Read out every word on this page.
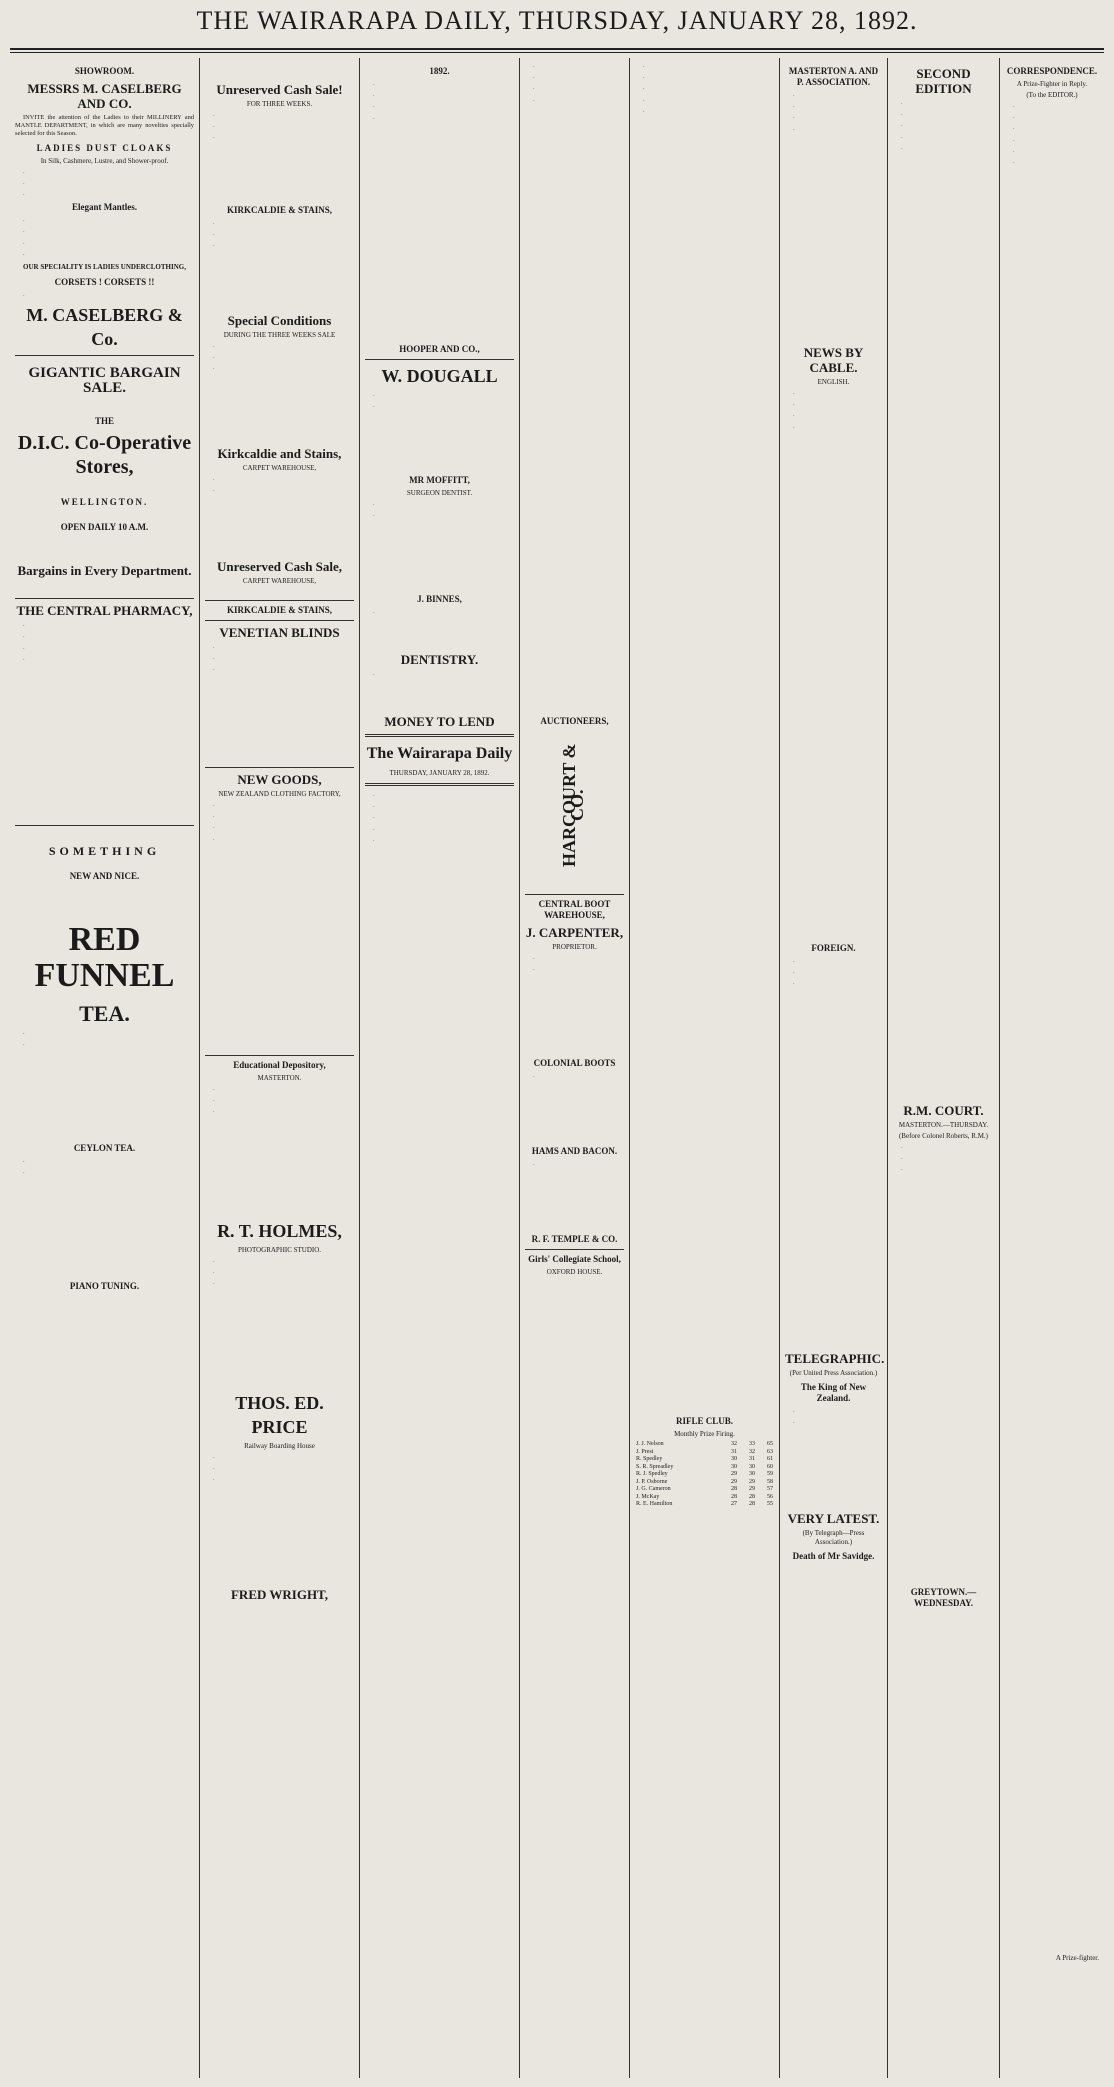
THE WAIRARAPA DAILY, THURSDAY, JANUARY 28, 1892.
SHOWROOM.
MESSRS M. CASELBERG AND CO.

INVITE the attention of the Ladies to their MILLINERY and MANTLE DEPARTMENT, in which are many novelties specially selected for this Season.

LADIES DUST CLOAKS
In Silk, Cashmere, Lustre, and Shower-proof.

.

.

.

Elegant Mantles.

.

.

.

.

OUR SPECIALITY IS LADIES UNDERCLOTHING,
CORSETS ! CORSETS !!

.

M. CASELBERG & Co.
GIGANTIC BARGAIN SALE.
THE
D.I.C. Co-Operative Stores,
WELLINGTON.
OPEN DAILY 10 A.M.
Bargains in Every Department.
THE CENTRAL PHARMACY,

.

.

.

.

SOMETHING
NEW AND NICE.
RED FUNNEL
TEA.

.

.

CEYLON TEA.

.

.

PIANO TUNING.
Unreserved Cash Sale!
FOR THREE WEEKS.

.

.

.

KIRKCALDIE & STAINS,

.

.

.

Special Conditions
DURING THE THREE WEEKS SALE

.

.

.

Kirkcaldie and Stains,
CARPET WAREHOUSE,

.

.

Unreserved Cash Sale,
CARPET WAREHOUSE,
KIRKCALDIE & STAINS,
VENETIAN BLINDS

.

.

.

NEW GOODS,
NEW ZEALAND CLOTHING FACTORY,

.

.

.

.

Educational Depository,
MASTERTON.

.

.

.

R. T. HOLMES,
PHOTOGRAPHIC STUDIO.

.

.

.

THOS. ED. PRICE
Railway Boarding House

.

.

.

FRED WRIGHT,
1892.

.

.

.

.

HOOPER AND CO.,
W. DOUGALL

.

.

MR MOFFITT,
SURGEON DENTIST.

.

.

J. BINNES,

.

DENTISTRY.

.

MONEY TO LEND
The Wairarapa Daily
THURSDAY, JANUARY 28, 1892.

.

.

.

.

.

.

.

.

.

AUCTIONEERS,
HARCOURT & CO.
CENTRAL BOOT WAREHOUSE,
J. CARPENTER,
PROPRIETOR.

.

.

COLONIAL BOOTS

.

HAMS AND BACON.

.

R. F. TEMPLE & CO.
Girls' Collegiate School,
OXFORD HOUSE.

.

.

.

.

.

RIFLE CLUB.
Monthly Prize Firing.
J. J. Nelson	32	33	65
J. Prest	31	32	63
R. Spedley	30	31	61
S. R. Spreadley	30	30	60
R. J. Spedley	29	30	59
J. P. Osborne	29	29	58
J. G. Cameron	28	29	57
J. McKay	28	28	56
R. E. Hamilton	27	28	55
MASTERTON A. AND P. ASSOCIATION.

.

.

.

.

NEWS BY CABLE.
ENGLISH.

.

.

.

.

FOREIGN.

.

.

.

TELEGRAPHIC.
(Per United Press Association.)
The King of New Zealand.

.

.

VERY LATEST.
(By Telegraph—Press Association.)
Death of Mr Savidge.
SECOND EDITION

.

.

.

.

.

R.M. COURT.
MASTERTON.—THURSDAY.
(Before Colonel Roberts, R.M.)

.

.

.

GREYTOWN.—WEDNESDAY.
CORRESPONDENCE.
A Prize-Fighter in Reply.
(To the EDITOR.)

.

.

.

.

.

.

A Prize-fighter.
